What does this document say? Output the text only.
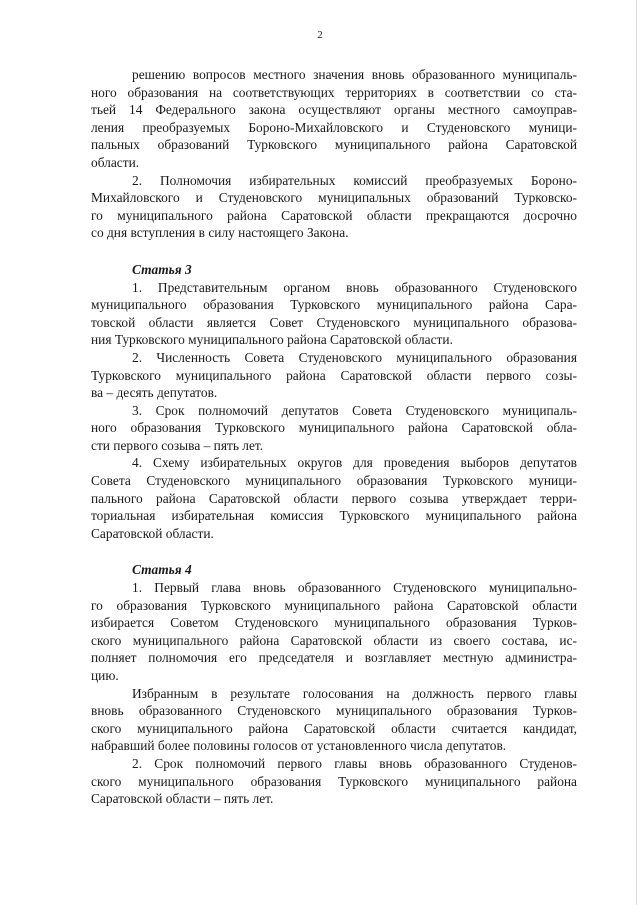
2
решению вопросов местного значения вновь образованного муниципаль-
ного образования на соответствующих территориях в соответствии со ста-
тьей 14 Федерального закона осуществляют органы местного самоуправ-
ления преобразуемых Бороно-Михайловского и Студеновского муници-
пальных образований Турковского муниципального района Саратовской
области.
2. Полномочия избирательных комиссий преобразуемых Бороно-
Михайловского и Студеновского муниципальных образований Турковско-
го муниципального района Саратовской области прекращаются досрочно
со дня вступления в силу настоящего Закона.
Статья 3
1. Представительным органом вновь образованного Студеновского
муниципального образования Турковского муниципального района Сара-
товской области является Совет Студеновского муниципального образова-
ния Турковского муниципального района Саратовской области.
2. Численность Совета Студеновского муниципального образования
Турковского муниципального района Саратовской области первого созы-
ва – десять депутатов.
3. Срок полномочий депутатов Совета Студеновского муниципаль-
ного образования Турковского муниципального района Саратовской обла-
сти первого созыва – пять лет.
4. Схему избирательных округов для проведения выборов депутатов
Совета Студеновского муниципального образования Турковского муници-
пального района Саратовской области первого созыва утверждает терри-
ториальная избирательная комиссия Турковского муниципального района
Саратовской области.
Статья 4
1. Первый глава вновь образованного Студеновского муниципально-
го образования Турковского муниципального района Саратовской области
избирается Советом Студеновского муниципального образования Турков-
ского муниципального района Саратовской области из своего состава, ис-
полняет полномочия его председателя и возглавляет местную администра-
цию.
Избранным в результате голосования на должность первого главы
вновь образованного Студеновского муниципального образования Турков-
ского муниципального района Саратовской области считается кандидат,
набравший более половины голосов от установленного числа депутатов.
2. Срок полномочий первого главы вновь образованного Студенов-
ского муниципального образования Турковского муниципального района
Саратовской области – пять лет.
